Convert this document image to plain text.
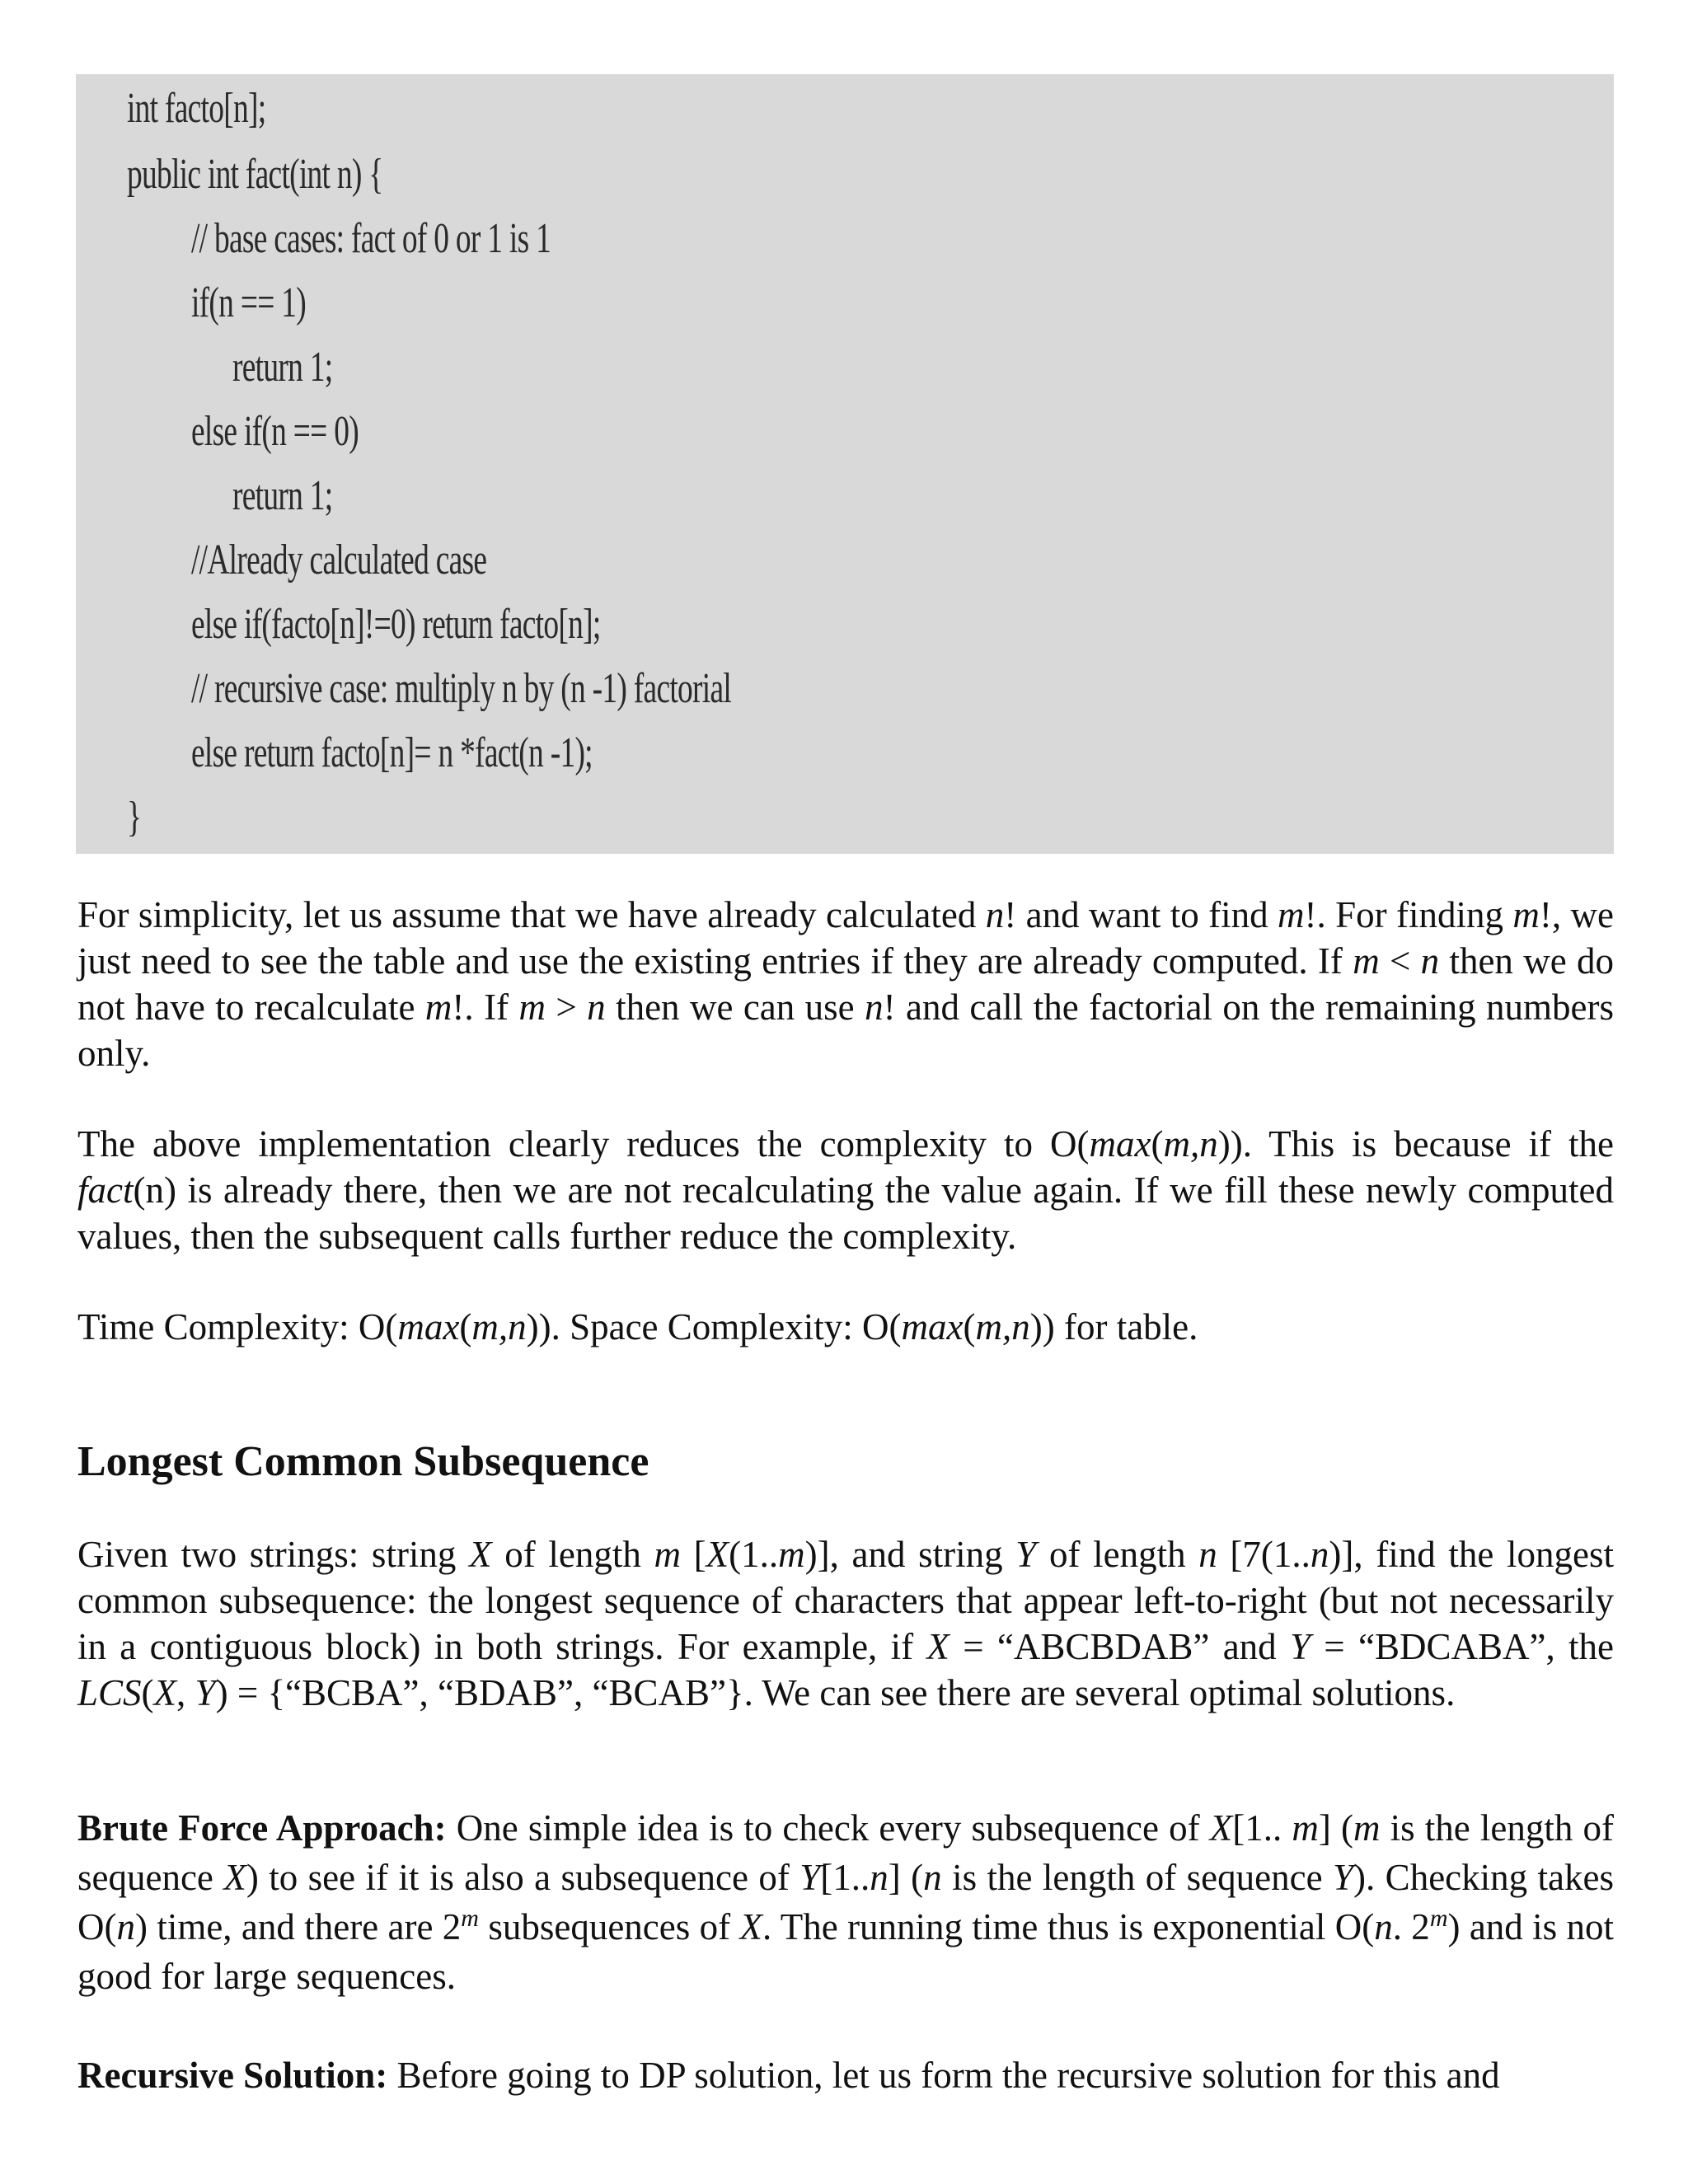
int facto[n];
public int fact(int n) {
// base cases: fact of 0 or 1 is 1
if(n == 1)
return 1;
else if(n == 0)
return 1;
//Already calculated case
else if(facto[n]!=0) return facto[n];
// recursive case: multiply n by (n -1) factorial
else return facto[n]= n *fact(n -1);
}

For simplicity, let us assume that we have already calculated n! and want to find m!. For finding m!, we just need to see the table and use the existing entries if they are already computed. If m < n then we do not have to recalculate m!. If m > n then we can use n! and call the factorial on the remaining numbers only.

The above implementation clearly reduces the complexity to O(max(m,n)). This is because if the fact(n) is already there, then we are not recalculating the value again. If we fill these newly computed values, then the subsequent calls further reduce the complexity.

Time Complexity: O(max(m,n)). Space Complexity: O(max(m,n)) for table.

Longest Common Subsequence

Given two strings: string X of length m [X(1..m)], and string Y of length n [7(1..n)], find the longest common subsequence: the longest sequence of characters that appear left-to-right (but not necessarily in a contiguous block) in both strings. For example, if X = “ABCBDAB” and Y = “BDCABA”, the LCS(X, Y) = {“BCBA”, “BDAB”, “BCAB”}. We can see there are several optimal solutions.

Brute Force Approach: One simple idea is to check every subsequence of X[1.. m] (m is the length of sequence X) to see if it is also a subsequence of Y[1..n] (n is the length of sequence Y). Checking takes O(n) time, and there are 2$^m$ subsequences of X. The running time thus is exponential O(n. 2$^m$) and is not good for large sequences.

Recursive Solution: Before going to DP solution, let us form the recursive solution for this and
